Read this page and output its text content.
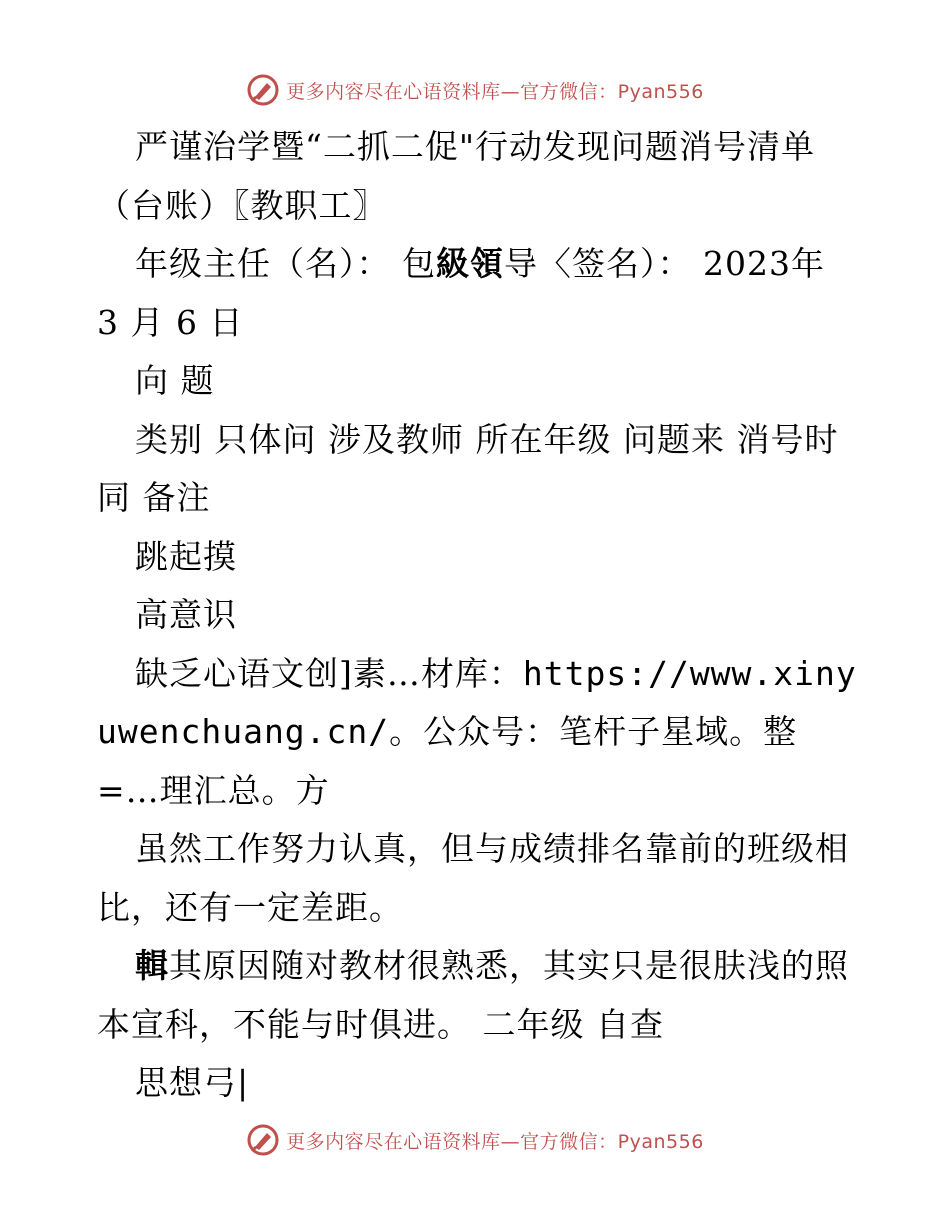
更多内容尽在心语资料库—官方微信：Pyan556

严谨治学暨“二抓二促"行动发现问题消号清单（台账）〖教职工〗

年级主任（名）： 包級領导〈签名）： 2023年 3 月 6 日

向 题

类别 只体问 涉及教师 所在年级 问题来 消号时同 备注

跳起摸

高意识

缺乏心语文创]素…材库：https://www.xinyuwenchuang.cn/。公众号：笔杆子星域。整=…理汇总。方

虽然工作努力认真，但与成绩排名靠前的班级相比，还有一定差距。

輯其原因随对教材很熟悉，其实只是很肤浅的照本宣科，不能与时俱进。 二年级 自查

思想弓|

更多内容尽在心语资料库—官方微信：Pyan556
